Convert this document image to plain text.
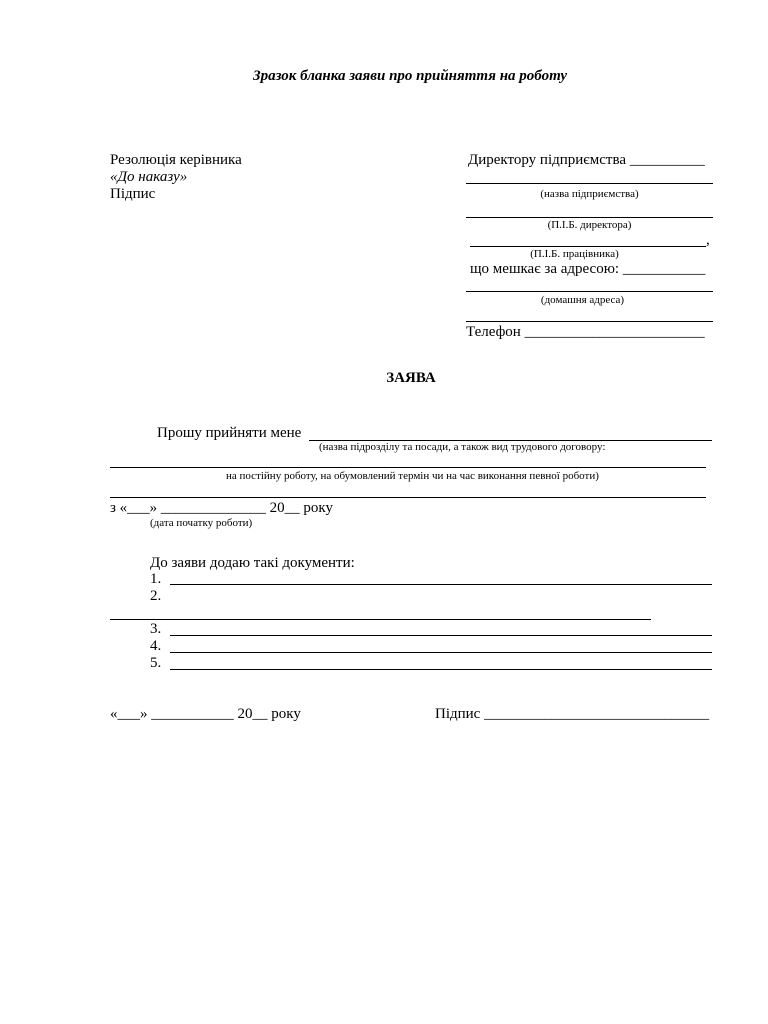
Зразок бланка заяви про прийняття на роботу
Резолюція керівника
«До наказу»
Підпис
Директору підприємства __________
(назва підприємства)
(П.І.Б. директора)
,
(П.І.Б. працівника)
що мешкає за адресою: ___________
(домашня адреса)
Телефон ________________________
ЗАЯВА
Прошу прийняти мене
(назва підрозділу та посади, а також вид трудового договору:
на постійну роботу, на обумовлений термін чи на час виконання певної роботи)
з «___» ______________ 20__ року
(дата початку роботи)
До заяви додаю такі документи:
1.
2.
3.
4.
5.
«___» ___________ 20__ року	Підпис ______________________________
